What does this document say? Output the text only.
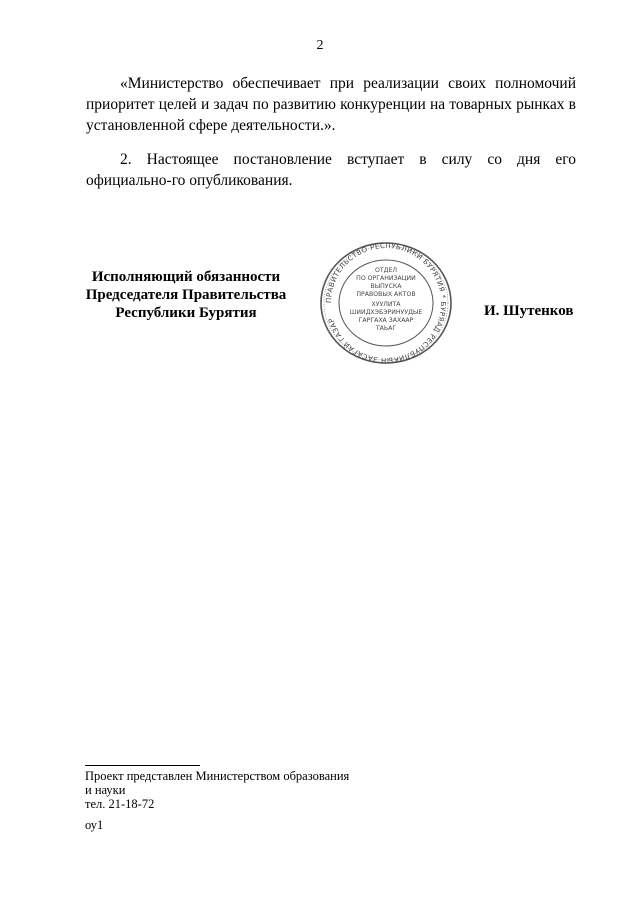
2
«Министерство обеспечивает при реализации своих полномочий приоритет целей и задач по развитию конкуренции на товарных рынках в установленной сфере деятельности.».
2. Настоящее постановление вступает в силу со дня его официально-го опубликования.
Исполняющий обязанности
Председателя Правительства
Республики Бурятия
ПРАВИТЕЛЬСТВО РЕСПУБЛИКИ БУРЯТИЯ * БУРЯАД РЕСПУБЛИКЫН ЗАСАГАЙ ГАЗАР
ОТДЕЛ
ПО ОРГАНИЗАЦИИ
ВЫПУСКА
ПРАВОВЫХ АКТОВ
ХУУЛИТА
ШИИДХЭБЭРИНУУДЫЕ
ГАРГАХА ЗАХААР
ТАЬАГ
И. Шутенков
Проект представлен Министерством образования
и науки
тел. 21-18-72
оу1
